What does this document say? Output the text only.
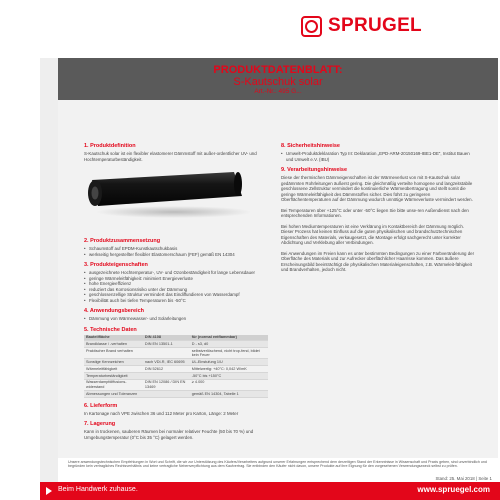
SPRUGEL
PRODUKTDATENBLATT:
S-Kautschuk solar
Art.-Nr.: 495 G...
1. Produktdefinition
S-Kautschuk solar ist ein flexibler elastomerer Dämmstoff mit außer-ordentlicher UV- und Hochtemperaturbeständigkeit.
2. Produktzusammensetzung
• Schaumstoff auf EPDM-Kunstkautschukbasis
• werkseitig hergestellter flexibler Elastomerschaum (FEF) gemäß EN 14304
3. Produkteigenschaften
• ausgezeichnete Hochtemperatur-, UV- und Ozonbeständigkeit für lange Lebensdauer
• geringe Wärmeleitfähigkeit: minimiert Energieverluste
• hohe Energieeffizienz
• reduziert das Korrosionsrisiko unter der Dämmung
• geschlossenzellige Struktur vermindert das Eindiffundieren von Wasserdampf
• Flexibilität auch bei tiefen Temperaturen bis -50°C
4. Anwendungsbereich
• Dämmung von Wärmewasser- und Solarleitungen
5. Technische Daten
Bauteilfläche	DIN 4108	für (normal entflammbar)
Brandklasse / -verhalten	DIN EN 13501-1	D - s3, d0
Praktischer Brand verhalten		selbstverlöschend, nicht trop-fend, bildet kein Feuer
Sonstige Kennzeichen	nach VDI-R, IEC 60695	UL-Einstufung 1/U
Wärmeleitfähigkeit	DIN 52612	Mittelwertig: +40°C: 0,042 W/mK
Temperaturbeständigkeit		-50°C bis +150°C
Wasserdampfdiffusions-widerstand	DIN EN 12086 / DIN EN 13469	≥ 4.000
Abmessungen und Toleranzen		gemäß EN 14304, Tabelle 1
6. Lieferform
In Kartonage nach VPE zwischen 36 und 112 Meter pro Karton, Länge: 2 Meter
7. Lagerung
Kann in trockenen, sauberen Räumen bei normaler relativer Feuchte (50 bis 70 %) und Umgebungstemperatur (0°C bis 35 °C) gelagert werden.
8. Sicherheitshinweise
• Umwelt-Produktdeklaration Typ III: Deklaration „EPD-ARM-20150169-IBE1-DE“, Institut Bauen und Umwelt e.V. (IBU)
9. Verarbeitungshinweise
Diese der thermischen Dämmeigenschaften ist der Wärmeverlust von mit S-Kautschuk solar gedämmten Rohrleitungen äußerst gering. Die gleichmäßig verteilte homogene und langzeitstabile geschlossene Zellstruktur vermindert die kontinuierliche Wärmeübertragung und stellt somit die geringe Wärmeleitfähigkeit des Dämmstoffes sicher. Dies führt zu geringeren Oberflächentemperaturen auf der Dämmung wodurch unnötige Wärmeverluste vermindert werden.
Bei Temperaturen über +125°C oder unter -50°C liegen Sie bitte unse-ren Außendienst nach den entsprechenden Informationen.
Bei hohen Mediumtemperaturen ist eine Verklärung im Kontaktbereich der Dämmung möglich. Dieser Prozess hat keinen Einfluss auf die guten physikalischen und brandschutztechnischen Eigenschaften des Materials, verkaugesetzt, die Montage erfolgt sachgerecht unter korrekter Abdichtung und Verklebung aller Verbindungen.
Bei Anwendungen im Freien kann es unter bestimmten Bedingungen zu einer Farbveränderung der Oberfläche des Materials und zur Aufrecker oberflächlicher Haarrisse kommen. Das äußere Erscheinungsbild beeinträchtigt die physikalischen Materialeigenschaften, z.B. Wärmeleit-fähigkeit und Brandverhalten, jedoch nicht.

Unsere anwendungstechnischen Empfehlungen in Wort und Schrift, die wir zur Unterstützung des Käufers/Verarbeiters aufgrund unserer Erfahrungen entsprechend dem derzeitigen Stand der Erkenntnisse in Wissenschaft und Praxis geben, sind unverbindlich und begründen kein vertragliches Rechtsverhältnis und keine vertragliche Nebenverpflichtung aus dem Kaufvertrag. Sie entbinden den Käufer nicht davon, unsere Produkte auf ihre Eignung für den vorgesehenen Verwendungszweck selbst zu prüfen.

Stand: 25. Mai 2018 | Seite 1
Beim Handwerk zuhause.	www.spruegel.com
